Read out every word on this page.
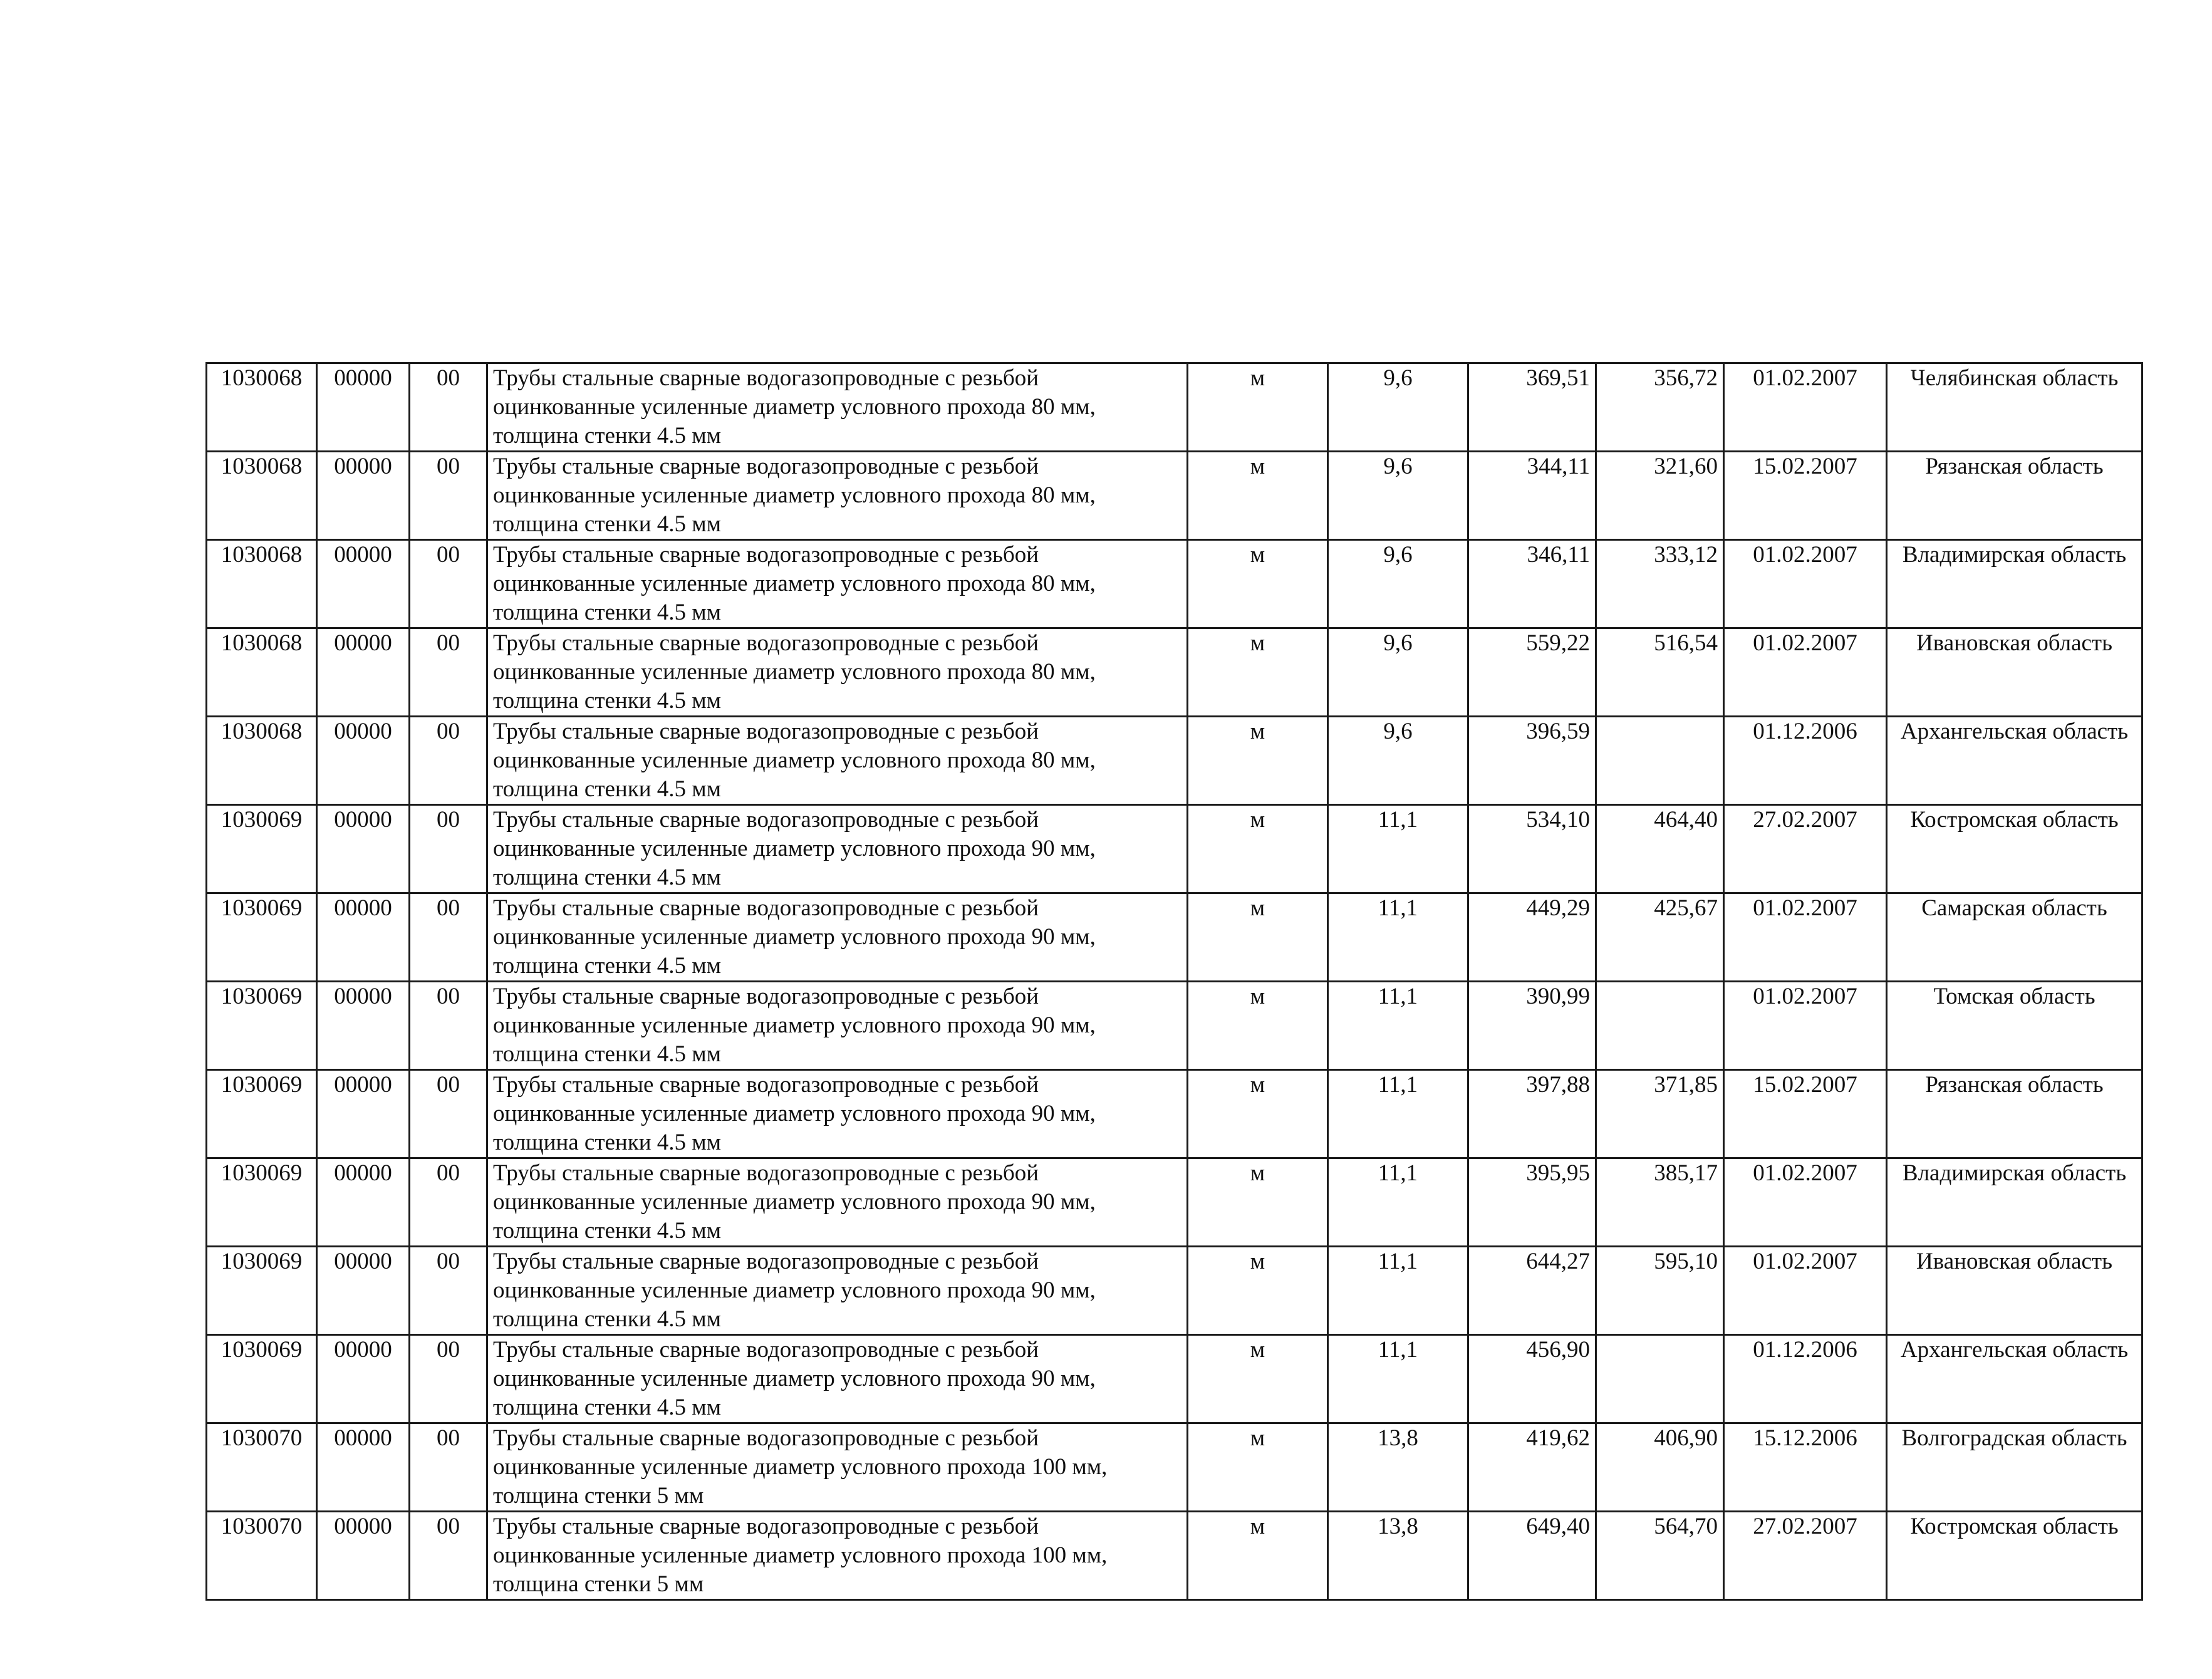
1030068	00000	00	Трубы стальные сварные водогазопроводные с резьбой оцинкованные усиленные диаметр условного прохода 80 мм, толщина стенки 4.5 мм	м	9,6	369,51	356,72	01.02.2007	Челябинская область
1030068	00000	00	Трубы стальные сварные водогазопроводные с резьбой оцинкованные усиленные диаметр условного прохода 80 мм, толщина стенки 4.5 мм	м	9,6	344,11	321,60	15.02.2007	Рязанская область
1030068	00000	00	Трубы стальные сварные водогазопроводные с резьбой оцинкованные усиленные диаметр условного прохода 80 мм, толщина стенки 4.5 мм	м	9,6	346,11	333,12	01.02.2007	Владимирская область
1030068	00000	00	Трубы стальные сварные водогазопроводные с резьбой оцинкованные усиленные диаметр условного прохода 80 мм, толщина стенки 4.5 мм	м	9,6	559,22	516,54	01.02.2007	Ивановская область
1030068	00000	00	Трубы стальные сварные водогазопроводные с резьбой оцинкованные усиленные диаметр условного прохода 80 мм, толщина стенки 4.5 мм	м	9,6	396,59		01.12.2006	Архангельская область
1030069	00000	00	Трубы стальные сварные водогазопроводные с резьбой оцинкованные усиленные диаметр условного прохода 90 мм, толщина стенки 4.5 мм	м	11,1	534,10	464,40	27.02.2007	Костромская область
1030069	00000	00	Трубы стальные сварные водогазопроводные с резьбой оцинкованные усиленные диаметр условного прохода 90 мм, толщина стенки 4.5 мм	м	11,1	449,29	425,67	01.02.2007	Самарская область
1030069	00000	00	Трубы стальные сварные водогазопроводные с резьбой оцинкованные усиленные диаметр условного прохода 90 мм, толщина стенки 4.5 мм	м	11,1	390,99		01.02.2007	Томская область
1030069	00000	00	Трубы стальные сварные водогазопроводные с резьбой оцинкованные усиленные диаметр условного прохода 90 мм, толщина стенки 4.5 мм	м	11,1	397,88	371,85	15.02.2007	Рязанская область
1030069	00000	00	Трубы стальные сварные водогазопроводные с резьбой оцинкованные усиленные диаметр условного прохода 90 мм, толщина стенки 4.5 мм	м	11,1	395,95	385,17	01.02.2007	Владимирская область
1030069	00000	00	Трубы стальные сварные водогазопроводные с резьбой оцинкованные усиленные диаметр условного прохода 90 мм, толщина стенки 4.5 мм	м	11,1	644,27	595,10	01.02.2007	Ивановская область
1030069	00000	00	Трубы стальные сварные водогазопроводные с резьбой оцинкованные усиленные диаметр условного прохода 90 мм, толщина стенки 4.5 мм	м	11,1	456,90		01.12.2006	Архангельская область
1030070	00000	00	Трубы стальные сварные водогазопроводные с резьбой оцинкованные усиленные диаметр условного прохода 100 мм, толщина стенки 5 мм	м	13,8	419,62	406,90	15.12.2006	Волгоградская область
1030070	00000	00	Трубы стальные сварные водогазопроводные с резьбой оцинкованные усиленные диаметр условного прохода 100 мм, толщина стенки 5 мм	м	13,8	649,40	564,70	27.02.2007	Костромская область
